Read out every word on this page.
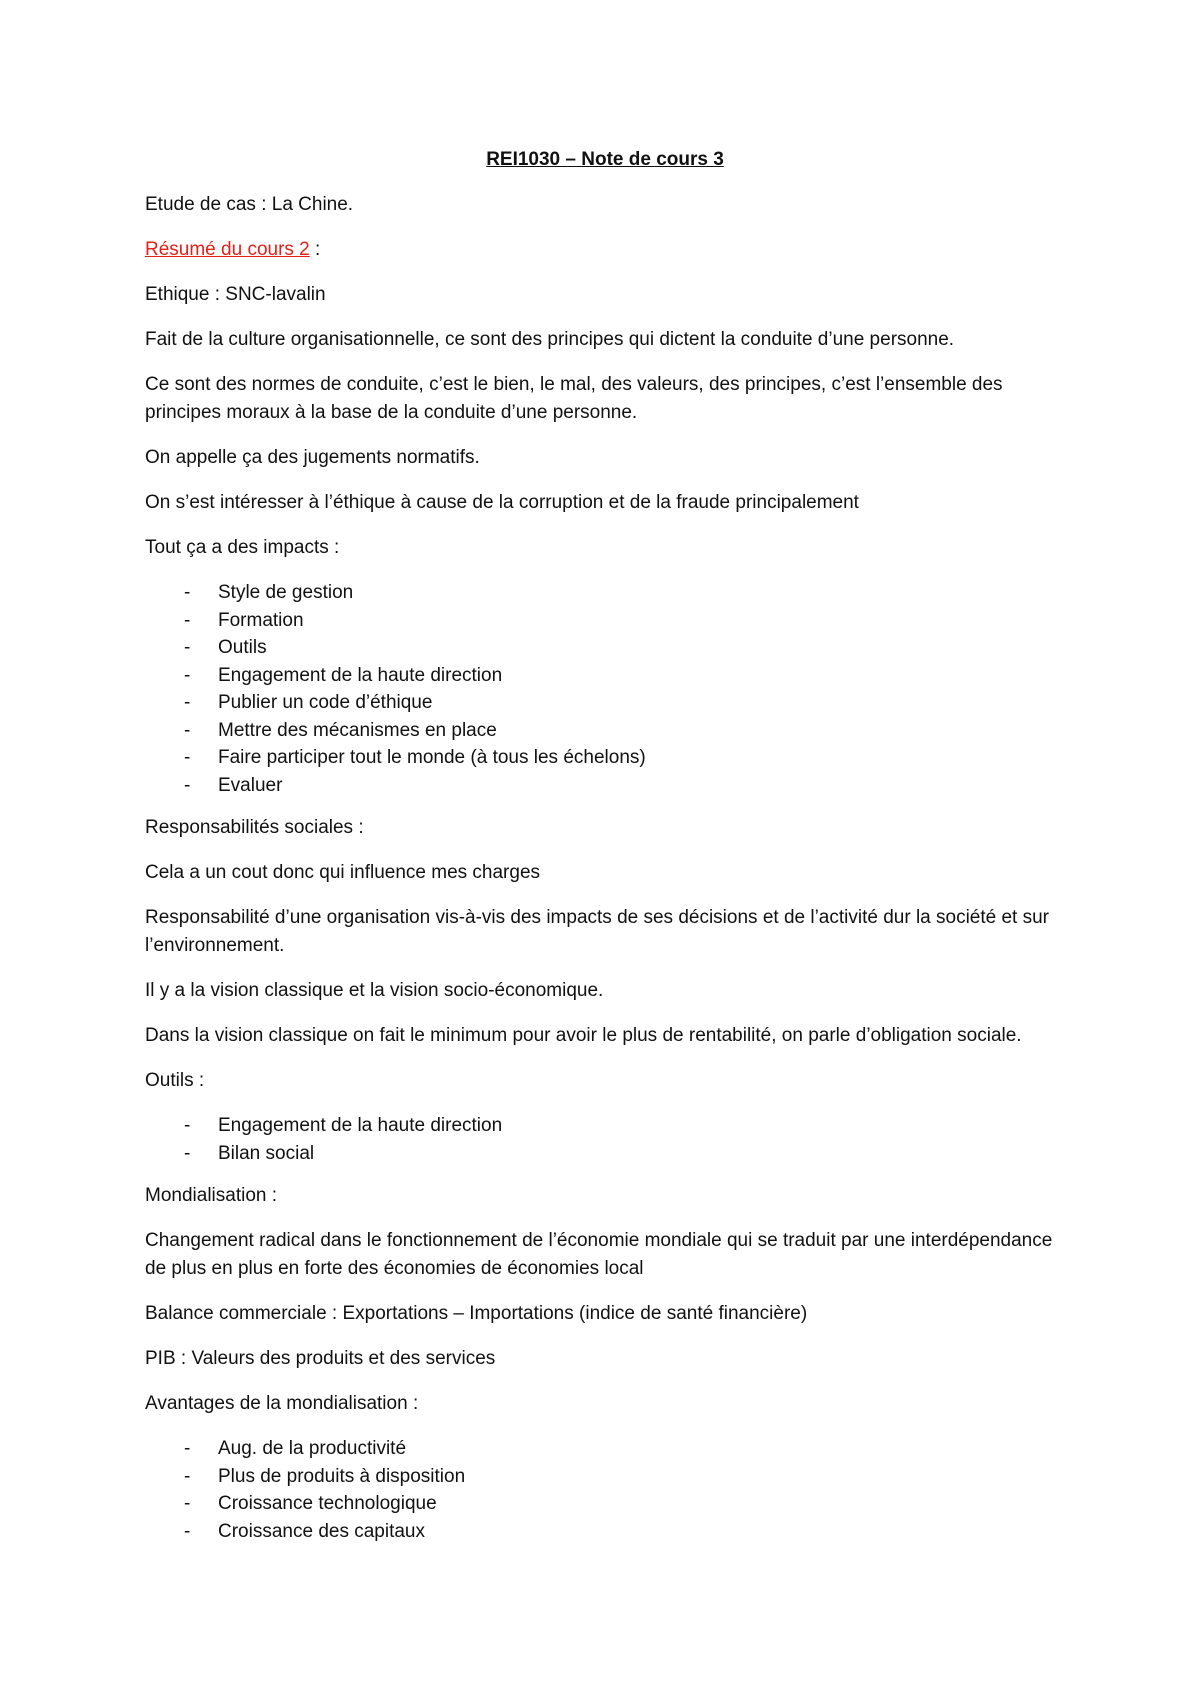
REI1030 – Note de cours 3

Etude de cas : La Chine.

Résumé du cours 2 :

Ethique : SNC-lavalin

Fait de la culture organisationnelle, ce sont des principes qui dictent la conduite d’une personne.

Ce sont des normes de conduite, c’est le bien, le mal, des valeurs, des principes, c’est l’ensemble des principes moraux à la base de la conduite d’une personne.

On appelle ça des jugements normatifs.

On s’est intéresser à l’éthique à cause de la corruption et de la fraude principalement

Tout ça a des impacts :

- Style de gestion
- Formation
- Outils
- Engagement de la haute direction
- Publier un code d’éthique
- Mettre des mécanismes en place
- Faire participer tout le monde (à tous les échelons)
- Evaluer

Responsabilités sociales :

Cela a un cout donc qui influence mes charges

Responsabilité d’une organisation vis-à-vis des impacts de ses décisions et de l’activité dur la société et sur l’environnement.

Il y a la vision classique et la vision socio-économique.

Dans la vision classique on fait le minimum pour avoir le plus de rentabilité, on parle d’obligation sociale.

Outils :

- Engagement de la haute direction
- Bilan social

Mondialisation :

Changement radical dans le fonctionnement de l’économie mondiale qui se traduit par une interdépendance de plus en plus en forte des économies de économies local

Balance commerciale : Exportations – Importations (indice de santé financière)

PIB : Valeurs des produits et des services

Avantages de la mondialisation :

- Aug. de la productivité
- Plus de produits à disposition
- Croissance technologique
- Croissance des capitaux
